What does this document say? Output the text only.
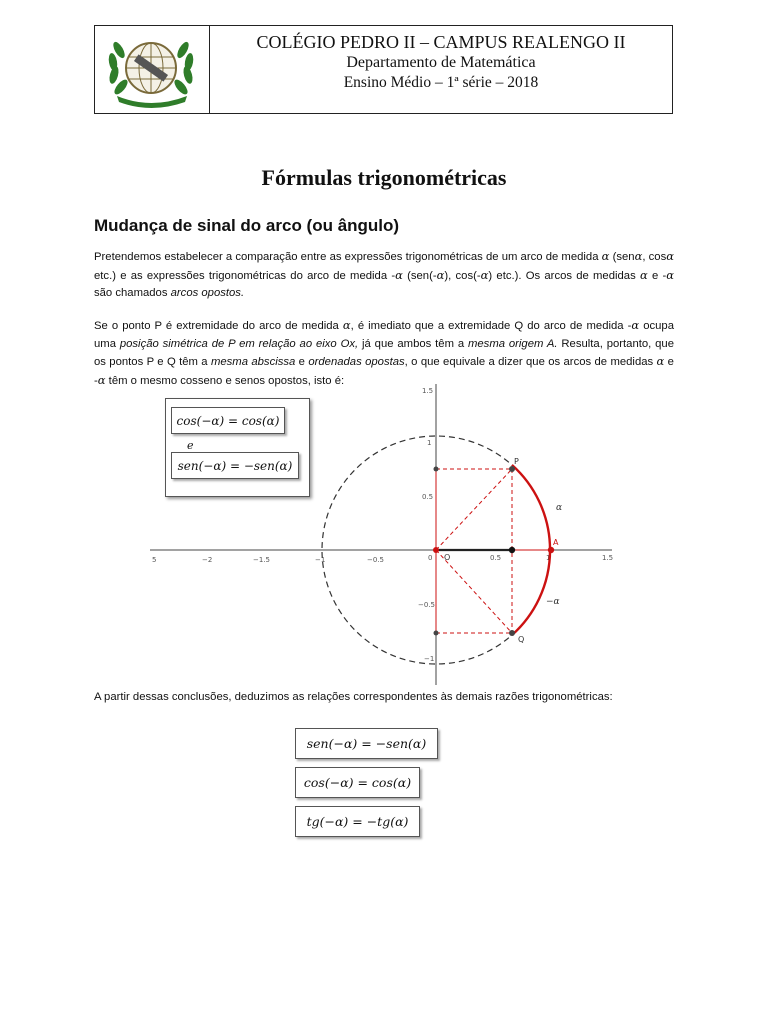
COLÉGIO PEDRO II – CAMPUS REALENGO II
Departamento de Matemática
Ensino Médio – 1ª série – 2018
Fórmulas trigonométricas
Mudança de sinal do arco (ou ângulo)

Pretendemos estabelecer a comparação entre as expressões trigonométricas de um arco de medida α (senα, cosα etc.) e as expressões trigonométricas do arco de medida -α (sen(-α), cos(-α) etc.). Os arcos de medidas α e -α são chamados arcos opostos.

Se o ponto P é extremidade do arco de medida α, é imediato que a extremidade Q do arco de medida -α ocupa uma posição simétrica de P em relação ao eixo Ox, já que ambos têm a mesma origem A. Resulta, portanto, que os pontos P e Q têm a mesma abscissa e ordenadas opostas, o que equivale a dizer que os arcos de medidas α e -α têm o mesmo cosseno e senos opostos, isto é:

5	−2	−1.5	−1	−0.5	0	0.5	1	1.5
1.5
1
0.5
−0.5
−1
P
Q
A
O
α
−α
cos(−α) = cos(α)
e
sen(−α) = −sen(α)

A partir dessas conclusões, deduzimos as relações correspondentes às demais razões trigonométricas:

sen(−α) = −sen(α)
cos(−α) = cos(α)
tg(−α) = −tg(α)
